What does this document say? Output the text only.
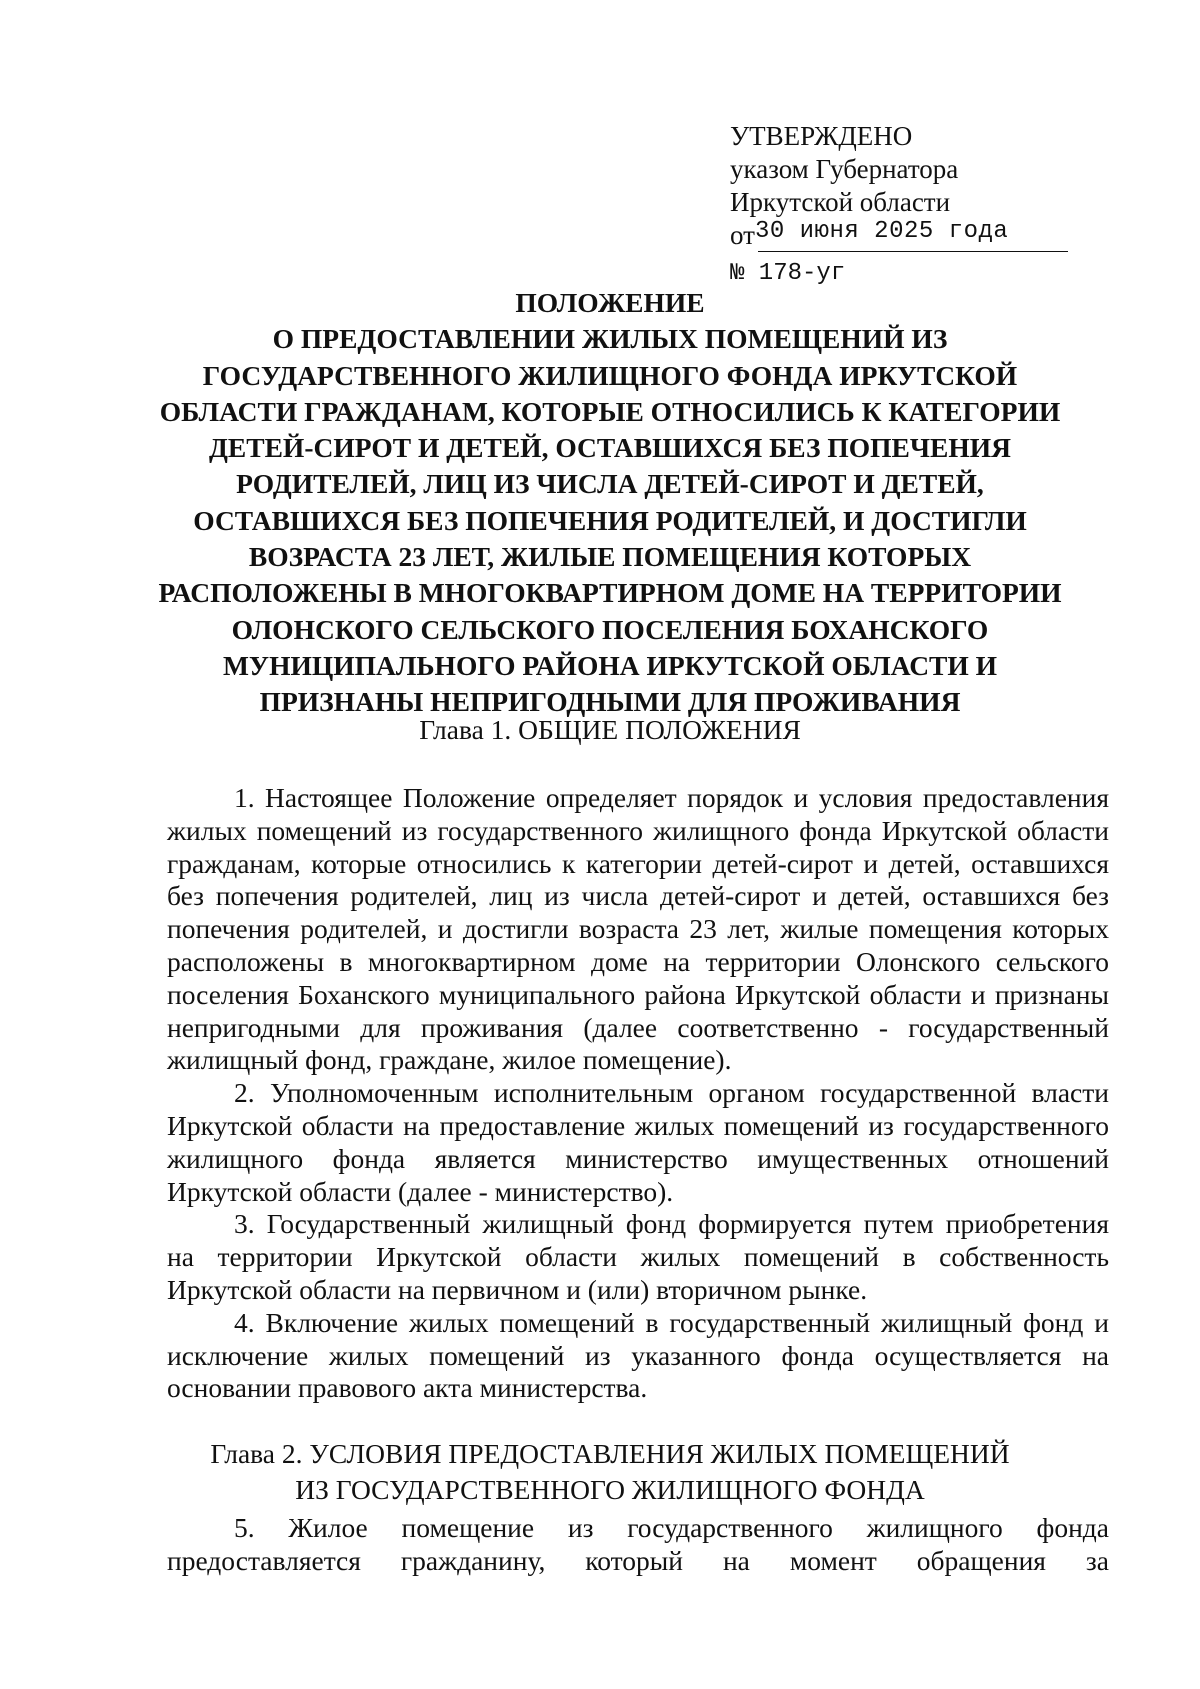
УТВЕРЖДЕНО
указом Губернатора
Иркутской области
от30 июня 2025 года
№ 178-уг
ПОЛОЖЕНИЕ
О ПРЕДОСТАВЛЕНИИ ЖИЛЫХ ПОМЕЩЕНИЙ ИЗ
ГОСУДАРСТВЕННОГО ЖИЛИЩНОГО ФОНДА ИРКУТСКОЙ
ОБЛАСТИ ГРАЖДАНАМ, КОТОРЫЕ ОТНОСИЛИСЬ К КАТЕГОРИИ
ДЕТЕЙ-СИРОТ И ДЕТЕЙ, ОСТАВШИХСЯ БЕЗ ПОПЕЧЕНИЯ
РОДИТЕЛЕЙ, ЛИЦ ИЗ ЧИСЛА ДЕТЕЙ-СИРОТ И ДЕТЕЙ,
ОСТАВШИХСЯ БЕЗ ПОПЕЧЕНИЯ РОДИТЕЛЕЙ, И ДОСТИГЛИ
ВОЗРАСТА 23 ЛЕТ, ЖИЛЫЕ ПОМЕЩЕНИЯ КОТОРЫХ
РАСПОЛОЖЕНЫ В МНОГОКВАРТИРНОМ ДОМЕ НА ТЕРРИТОРИИ
ОЛОНСКОГО СЕЛЬСКОГО ПОСЕЛЕНИЯ БОХАНСКОГО
МУНИЦИПАЛЬНОГО РАЙОНА ИРКУТСКОЙ ОБЛАСТИ И
ПРИЗНАНЫ НЕПРИГОДНЫМИ ДЛЯ ПРОЖИВАНИЯ
Глава 1. ОБЩИЕ ПОЛОЖЕНИЯ
1. Настоящее Положение определяет порядок и условия предоставления
жилых помещений из государственного жилищного фонда Иркутской области
гражданам, которые относились к категории детей-сирот и детей, оставшихся
без попечения родителей, лиц из числа детей-сирот и детей, оставшихся без
попечения родителей, и достигли возраста 23 лет, жилые помещения которых
расположены в многоквартирном доме на территории Олонского сельского
поселения Боханского муниципального района Иркутской области и признаны
непригодными для проживания (далее соответственно - государственный
жилищный фонд, граждане, жилое помещение).
2. Уполномоченным исполнительным органом государственной власти
Иркутской области на предоставление жилых помещений из государственного
жилищного фонда является министерство имущественных отношений
Иркутской области (далее - министерство).
3. Государственный жилищный фонд формируется путем приобретения
на территории Иркутской области жилых помещений в собственность
Иркутской области на первичном и (или) вторичном рынке.
4. Включение жилых помещений в государственный жилищный фонд и
исключение жилых помещений из указанного фонда осуществляется на
основании правового акта министерства.
Глава 2. УСЛОВИЯ ПРЕДОСТАВЛЕНИЯ ЖИЛЫХ ПОМЕЩЕНИЙ
ИЗ ГОСУДАРСТВЕННОГО ЖИЛИЩНОГО ФОНДА
5. Жилое помещение из государственного жилищного фонда
предоставляется гражданину, который на момент обращения за
